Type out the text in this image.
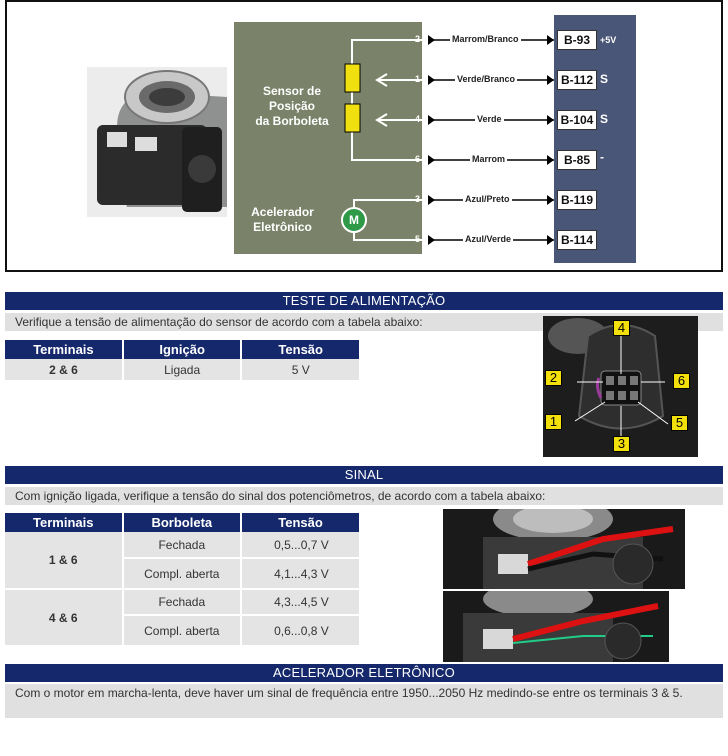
Sensor de
Posição
da Borboleta
Acelerador
Eletrônico	M
2
1
4
6
3
5
Marrom/Branco
Verde/Branco
Verde
Marrom
Azul/Preto
Azul/Verde
B-93
B-112
B-104
B-85
B-119
B-114
+5V
S
S
-
TESTE DE ALIMENTAÇÃO
Verifique a tensão de alimentação do sensor de acordo com a tabela abaixo:
Terminais	Ignição	Tensão
2 & 6	Ligada	5 V
4
2	6
1	5
3
SINAL
Com ignição ligada, verifique a tensão do sinal dos potenciômetros, de acordo com a tabela abaixo:
Terminais	Borboleta	Tensão
1 & 6	Fechada	0,5...0,7 V
	Compl. aberta	4,1...4,3 V
4 & 6	Fechada	4,3...4,5 V
	Compl. aberta	0,6...0,8 V
ACELERADOR ELETRÔNICO
Com o motor em marcha-lenta, deve haver um sinal de frequência entre 1950...2050 Hz medindo-se entre os terminais 3 & 5.
